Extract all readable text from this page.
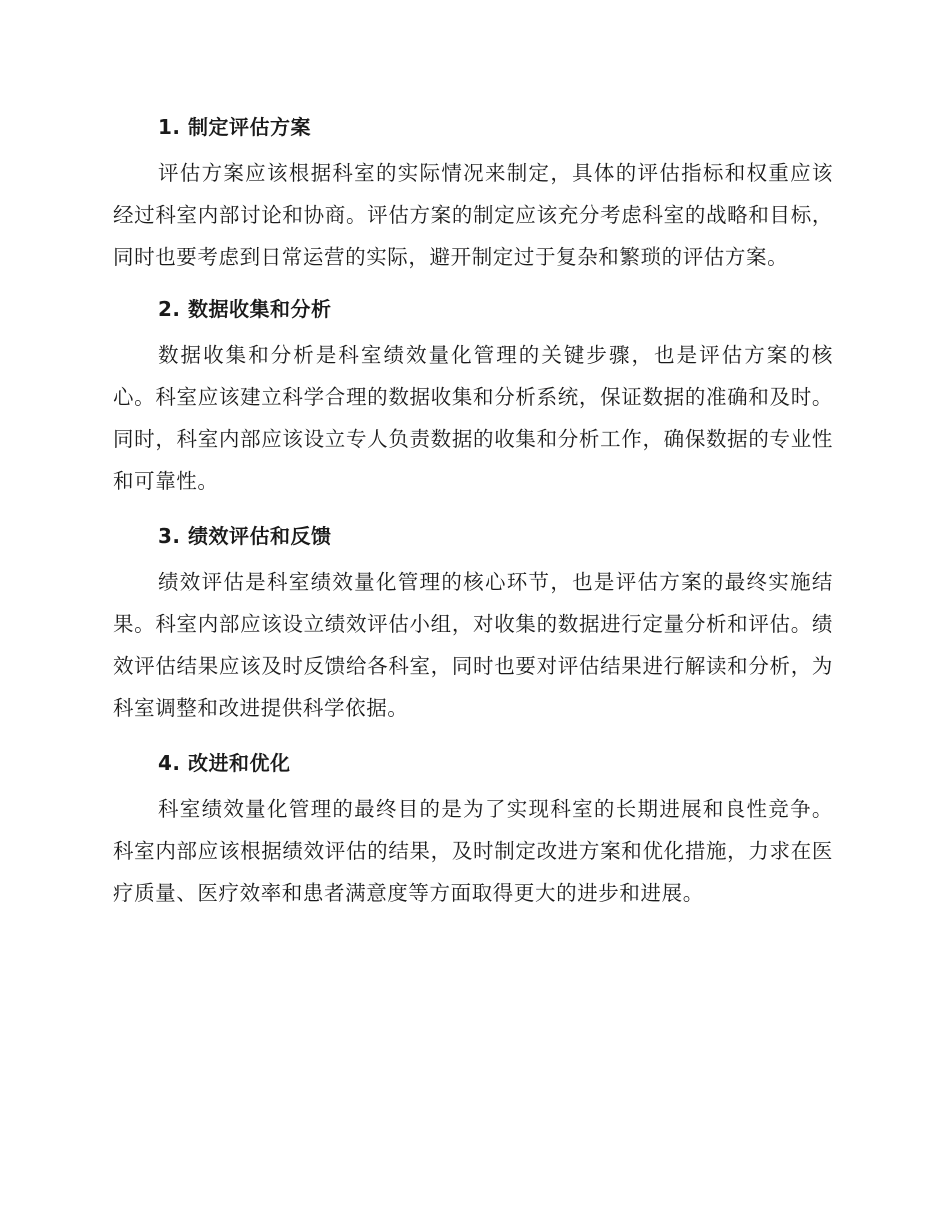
1. 制定评估方案

评估方案应该根据科室的实际情况来制定，具体的评估指标和权重应该经过科室内部讨论和协商。评估方案的制定应该充分考虑科室的战略和目标，同时也要考虑到日常运营的实际，避开制定过于复杂和繁琐的评估方案。

2. 数据收集和分析

数据收集和分析是科室绩效量化管理的关键步骤，也是评估方案的核心。科室应该建立科学合理的数据收集和分析系统，保证数据的准确和及时。同时，科室内部应该设立专人负责数据的收集和分析工作，确保数据的专业性和可靠性。

3. 绩效评估和反馈

绩效评估是科室绩效量化管理的核心环节，也是评估方案的最终实施结果。科室内部应该设立绩效评估小组，对收集的数据进行定量分析和评估。绩效评估结果应该及时反馈给各科室，同时也要对评估结果进行解读和分析，为科室调整和改进提供科学依据。

4. 改进和优化

科室绩效量化管理的最终目的是为了实现科室的长期进展和良性竞争。科室内部应该根据绩效评估的结果，及时制定改进方案和优化措施，力求在医疗质量、医疗效率和患者满意度等方面取得更大的进步和进展。
